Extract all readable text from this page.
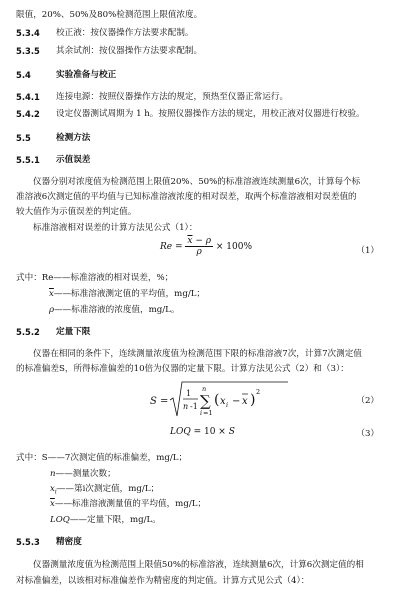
限值，20%、50%及80%检测范围上限值浓度。
5.3.4 校正液：按仪器操作方法要求配制。
5.3.5 其余试剂：按仪器操作方法要求配制。
5.4	实验准备与校正
5.4.1 连接电源：按照仪器操作方法的规定，预热至仪器正常运行。
5.4.2 设定仪器测试周期为 1 h。按照仪器操作方法的规定，用校正液对仪器进行校验。
5.5	检测方法
5.5.1 示值误差
仪器分别对浓度值为检测范围上限值20%、50%的标准溶液连续测量6次，计算每个标
准溶液6次测定值的平均值与已知标准溶液浓度的相对误差，取两个标准溶液相对误差值的
较大值作为示值误差的判定值。
标准溶液相对误差的计算方法见公式（1）：
$Re = \frac{\overline{x} - \rho}{\rho} \times 100\%$	（1）
式中：Re——标准溶液的相对误差，%；
$\overline{x}——$标准溶液测定值的平均值，mg/L；
ρ——标准溶液的浓度值，mg/L。
5.5.2 定量下限
仪器在相同的条件下，连续测量浓度值为检测范围下限的标准溶液7次，计算7次测定值
的标准偏差S，所得标准偏差的10倍为仪器的定量下限。计算方法见公式（2）和（3）：
S =
1
n -1
n
∑
i =1
( x i − x ) 2
（2）
LOQ = 10 × S	（3）
式中：S——7次测定值的标准偏差，mg/L；
n——测量次数；
$x_i——$第i次测定值，mg/L；
$\overline{x}——$标准溶液测量值的平均值，mg/L；
LOQ——定量下限，mg/L。
5.5.3 精密度
仪器测量浓度值为检测范围上限值50%的标准溶液，连续测量6次，计算6次测定值的相
对标准偏差，以该相对标准偏差作为精密度的判定值。计算方式见公式（4）：
